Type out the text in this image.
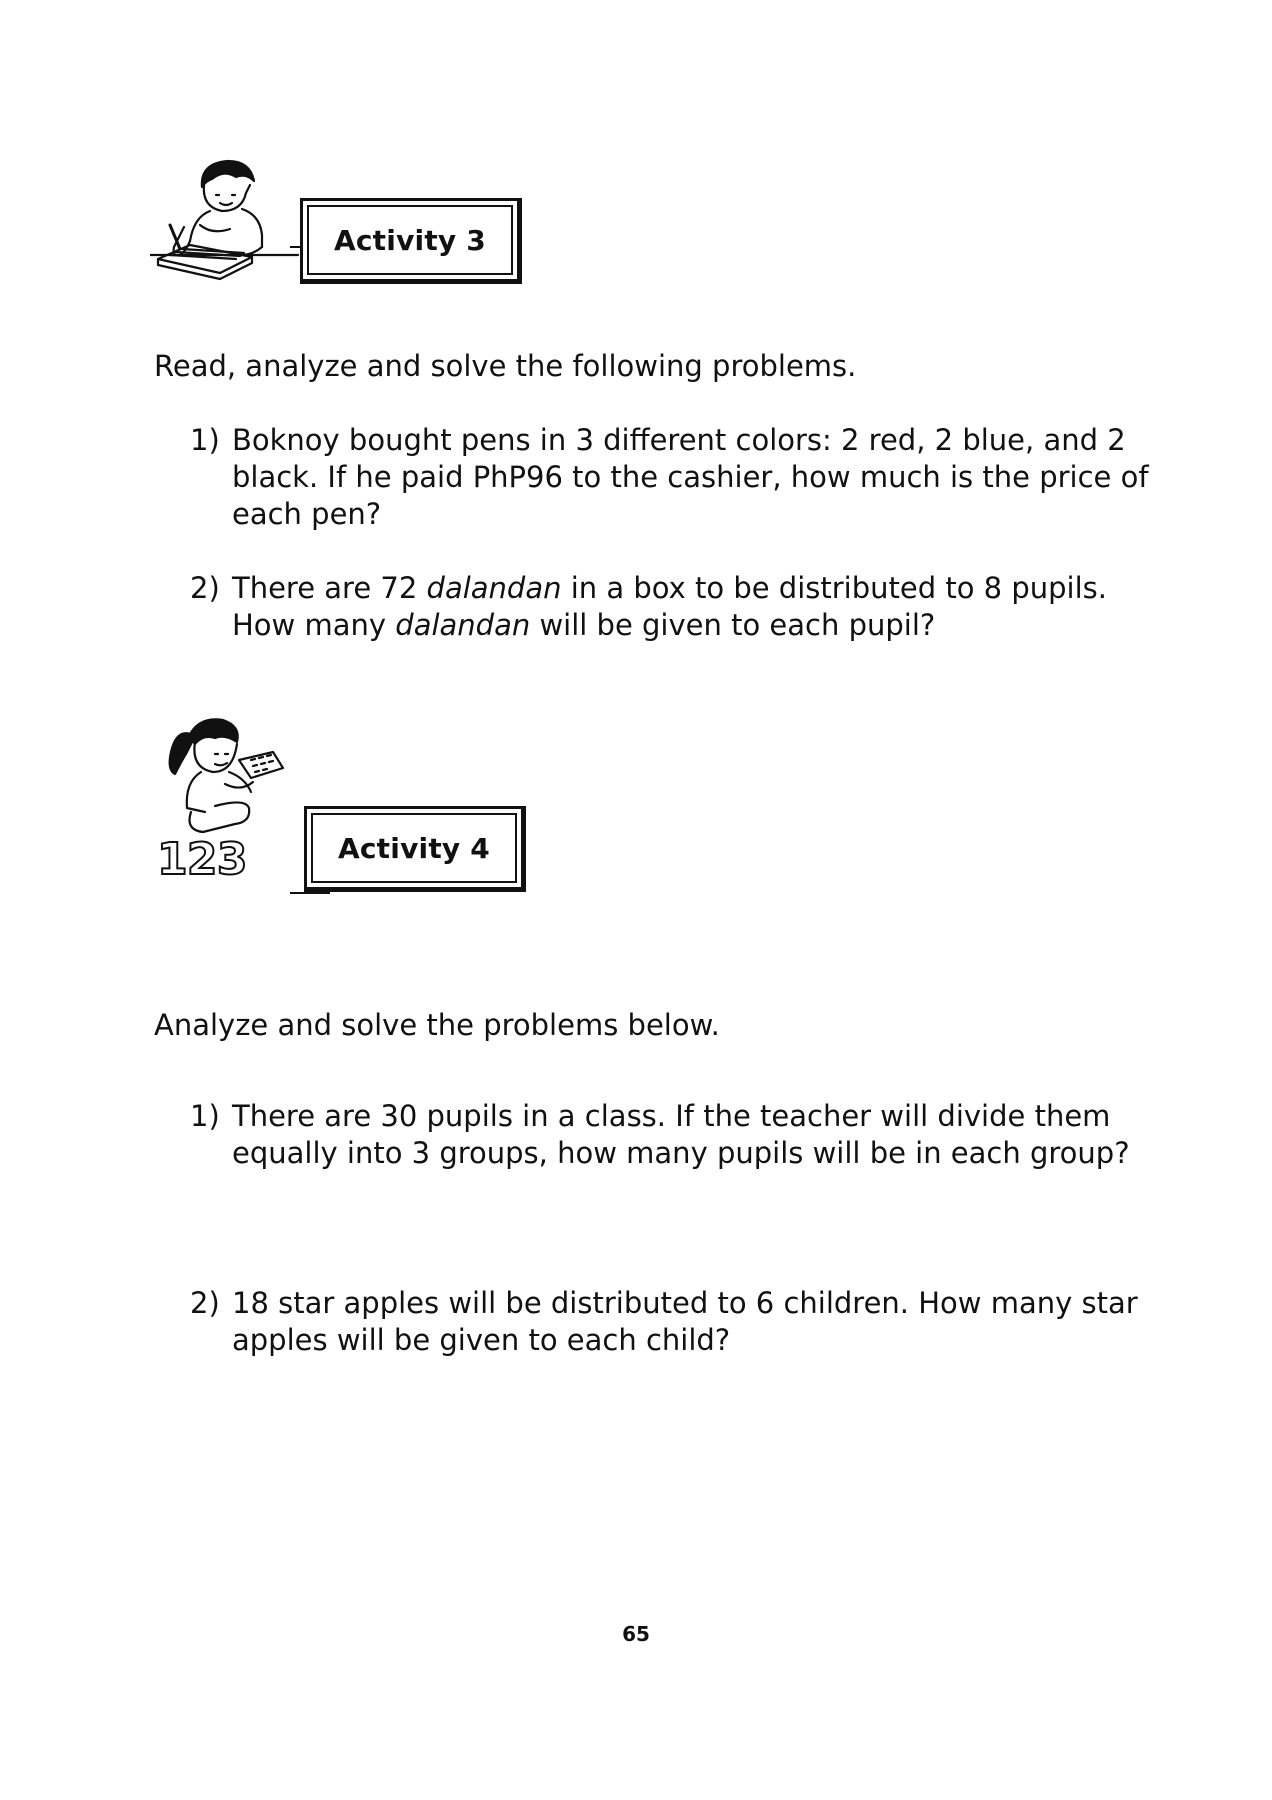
Activity 3
Read, analyze and solve the following problems.
1) Boknoy bought pens in 3 different colors: 2 red, 2 blue, and 2 black. If he paid PhP96 to the cashier, how much is the price of each pen?
2) There are 72 dalandan in a box to be distributed to 8 pupils. How many dalandan will be given to each pupil?
1 2 3	Activity 4
Analyze and solve the problems below.
1) There are 30 pupils in a class. If the teacher will divide them equally into 3 groups, how many pupils will be in each group?
2) 18 star apples will be distributed to 6 children. How many star apples will be given to each child?
65
